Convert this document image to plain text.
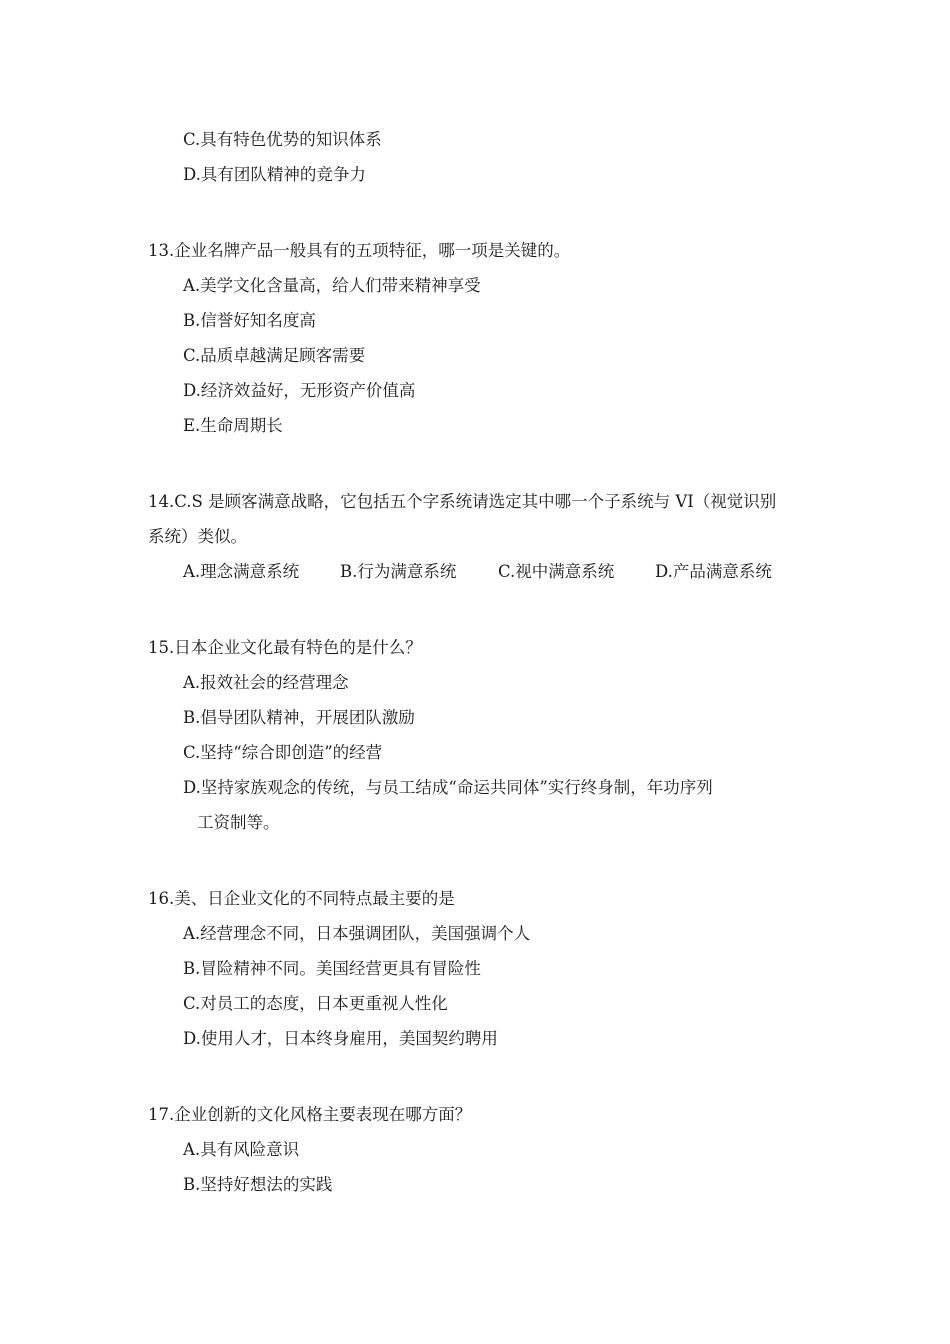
C.具有特色优势的知识体系
D.具有团队精神的竞争力
13.企业名牌产品一般具有的五项特征，哪一项是关键的。
A.美学文化含量高，给人们带来精神享受
B.信誉好知名度高
C.品质卓越满足顾客需要
D.经济效益好，无形资产价值高
E.生命周期长
14.C.S 是顾客满意战略，它包括五个字系统请选定其中哪一个子系统与 VI（视觉识别
系统）类似。
A.理念满意系统 B.行为满意系统	C.视中满意系统 D.产品满意系统
15.日本企业文化最有特色的是什么？
A.报效社会的经营理念
B.倡导团队精神，开展团队激励
C.坚持“综合即创造”的经营
D.坚持家族观念的传统，与员工结成“命运共同体”实行终身制，年功序列
工资制等。
16.美、日企业文化的不同特点最主要的是
A.经营理念不同，日本强调团队，美国强调个人
B.冒险精神不同。美国经营更具有冒险性
C.对员工的态度，日本更重视人性化
D.使用人才，日本终身雇用，美国契约聘用
17.企业创新的文化风格主要表现在哪方面？
A.具有风险意识
B.坚持好想法的实践
